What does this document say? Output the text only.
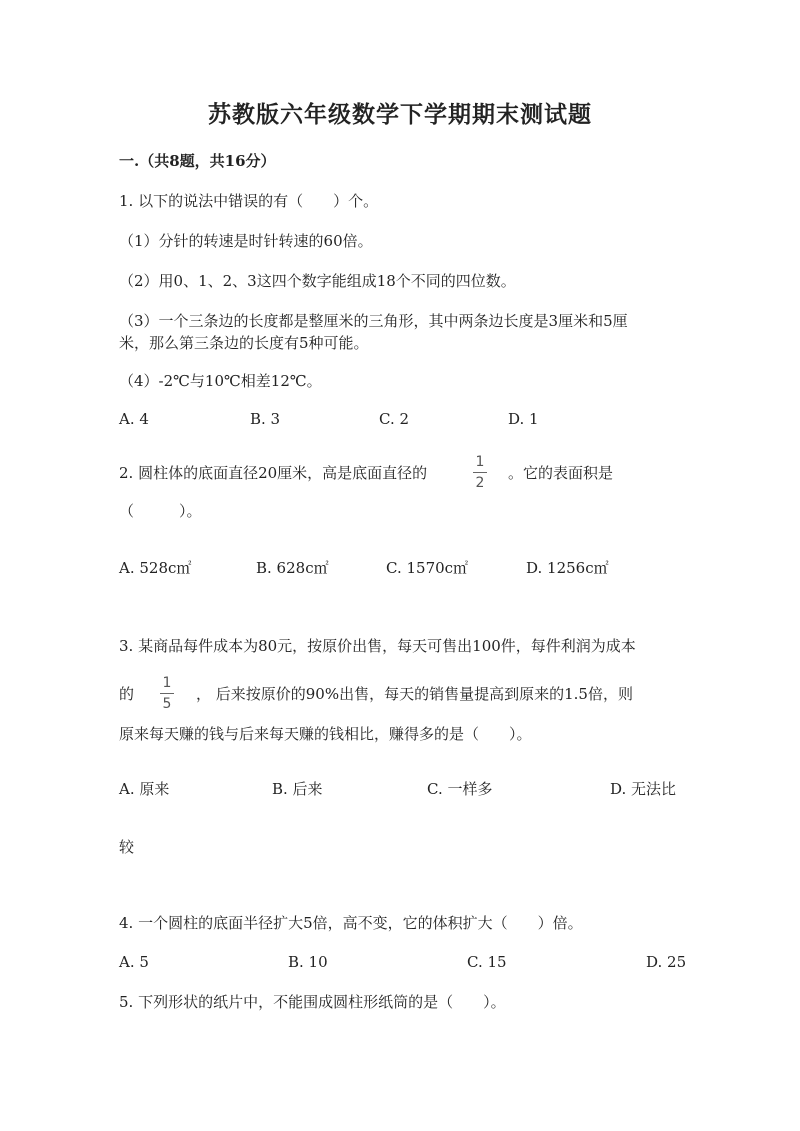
苏教版六年级数学下学期期末测试题
一.（共8题，共16分）
1. 以下的说法中错误的有（　　）个。
（1）分针的转速是时针转速的60倍。
（2）用0、1、2、3这四个数字能组成18个不同的四位数。
（3）一个三条边的长度都是整厘米的三角形，其中两条边长度是3厘米和5厘
米，那么第三条边的长度有5种可能。
（4）-2℃与10℃相差12℃。
A. 4	B. 3	C. 2	D. 1
2. 圆柱体的底面直径20厘米，高是底面直径的
1
2
。它的表面积是
（　　　）。
A. 528c㎡	B. 628c㎡	C. 1570c㎡	D. 1256c㎡
3. 某商品每件成本为80元，按原价出售，每天可售出100件，每件利润为成本
的
1
5
， 后来按原价的90%出售，每天的销售量提高到原来的1.5倍，则
原来每天赚的钱与后来每天赚的钱相比，赚得多的是（　　）。
A. 原来	B. 后来	C. 一样多	D. 无法比
较
4. 一个圆柱的底面半径扩大5倍，高不变，它的体积扩大（　　）倍。
A. 5	B. 10	C. 15	D. 25
5. 下列形状的纸片中，不能围成圆柱形纸筒的是（　　）。
